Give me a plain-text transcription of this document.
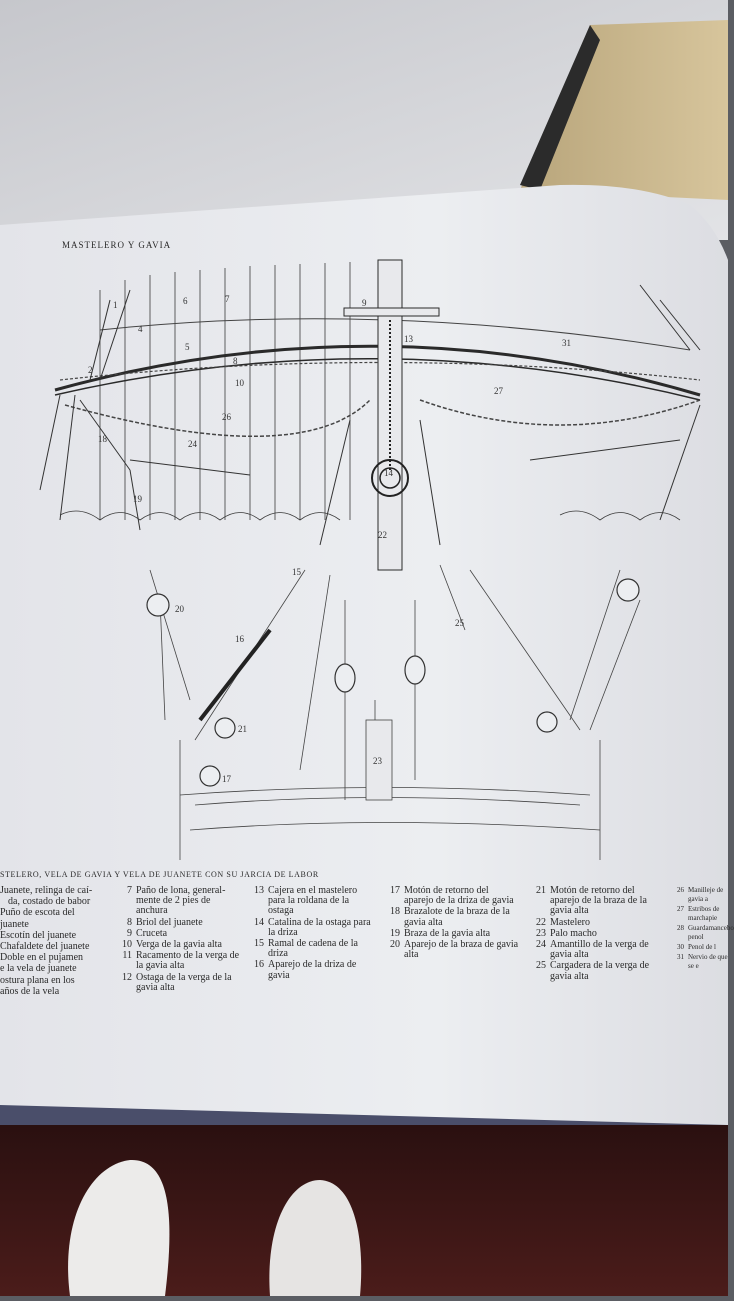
1
2
4
5
6	7
8
9
10
13
14
15
16
17
18
19
20
21
22
23
24
25
26
27
31
MASTELERO Y GAVIA
STELERO, VELA DE GAVIA Y VELA DE JUANETE CON SU JARCIA DE LABOR
Juanete, relinga de caí-
da, costado de babor
Puño de escota del
juanete
Escotín del juanete
Chafaldete del juanete
Doble en el pujamen
e la vela de juanete
ostura plana en los
años de la vela
7 Paño de lona, general-mente de 2 pies de anchura
8 Briol del juanete
9 Cruceta
10 Verga de la gavia alta
11 Racamento de la verga de la gavia alta
12 Ostaga de la verga de la gavia alta
13 Cajera en el mastelero para la roldana de la ostaga
14 Catalina de la ostaga para la driza
15 Ramal de cadena de la driza
16 Aparejo de la driza de gavia
17 Motón de retorno del aparejo de la driza de gavia
18 Brazalote de la braza de la gavia alta
19 Braza de la gavia alta
20 Aparejo de la braza de gavia alta
21 Motón de retorno del aparejo de la braza de la gavia alta
22 Mastelero
23 Palo macho
24 Amantillo de la verga de gavia alta
25 Cargadera de la verga de gavia alta
26 Manilleje de gavia a
27 Estribos de marchapie
28 Guardamancebo penol
30 Penol de l
31 Nervio de que se e
